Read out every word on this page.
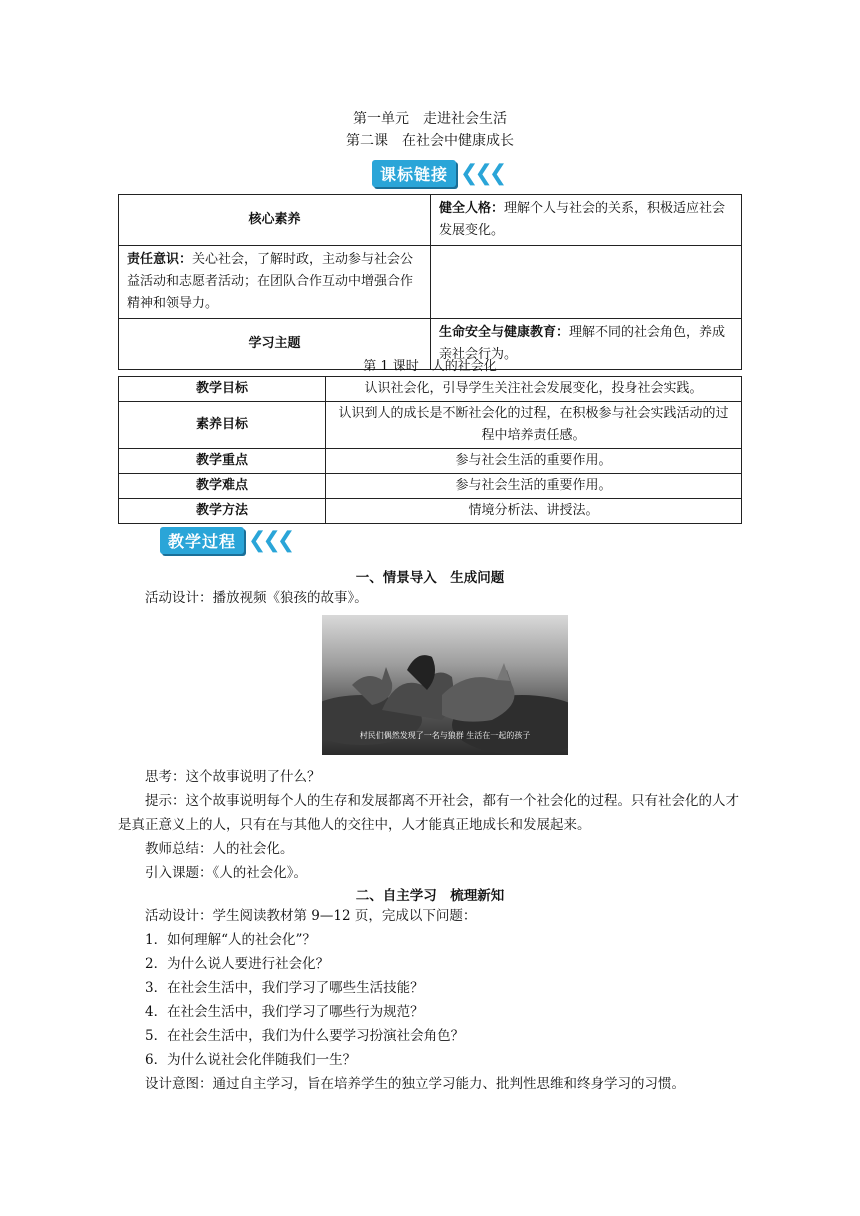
第一单元　走进社会生活
第二课　在社会中健康成长
课标链接 ❮❮❮
核心素养	健全人格：理解个人与社会的关系，积极适应社会发展变化。
责任意识：关心社会，了解时政，主动参与社会公益活动和志愿者活动；在团队合作互动中增强合作精神和领导力。	
学习主题	生命安全与健康教育：理解不同的社会角色，养成亲社会行为。
第 1 课时　人的社会化
教学目标	认识社会化，引导学生关注社会发展变化，投身社会实践。
素养目标	认识到人的成长是不断社会化的过程，在积极参与社会实践活动的过程中培养责任感。
教学重点	参与社会生活的重要作用。
教学难点	参与社会生活的重要作用。
教学方法	情境分析法、讲授法。
教学过程 ❮❮❮
一、情景导入　生成问题
活动设计：播放视频《狼孩的故事》。
村民们偶然发现了一名与狼群 生活在一起的孩子
思考：这个故事说明了什么？
提示：这个故事说明每个人的生存和发展都离不开社会，都有一个社会化的过程。只有社会化的人才是真正意义上的人，只有在与其他人的交往中，人才能真正地成长和发展起来。
教师总结：人的社会化。
引入课题：《人的社会化》。
二、自主学习　梳理新知
活动设计：学生阅读教材第 9—12 页，完成以下问题：
1．如何理解“人的社会化”？
2．为什么说人要进行社会化？
3．在社会生活中，我们学习了哪些生活技能？
4．在社会生活中，我们学习了哪些行为规范？
5．在社会生活中，我们为什么要学习扮演社会角色？
6．为什么说社会化伴随我们一生？
设计意图：通过自主学习，旨在培养学生的独立学习能力、批判性思维和终身学习的习惯。
